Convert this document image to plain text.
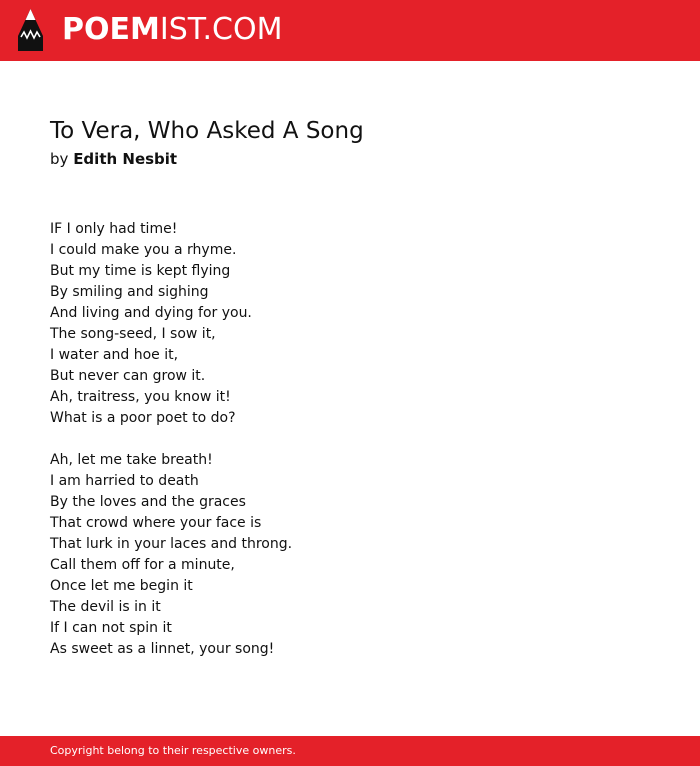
POEMIST.COM
To Vera, Who Asked A Song
by Edith Nesbit
IF I only had time!
I could make you a rhyme.
But my time is kept flying
By smiling and sighing
And living and dying for you.
The song-seed, I sow it,
I water and hoe it,
But never can grow it.
Ah, traitress, you know it!
What is a poor poet to do?
Ah, let me take breath!
I am harried to death
By the loves and the graces
That crowd where your face is
That lurk in your laces and throng.
Call them off for a minute,
Once let me begin it
The devil is in it
If I can not spin it
As sweet as a linnet, your song!
Copyright belong to their respective owners.
